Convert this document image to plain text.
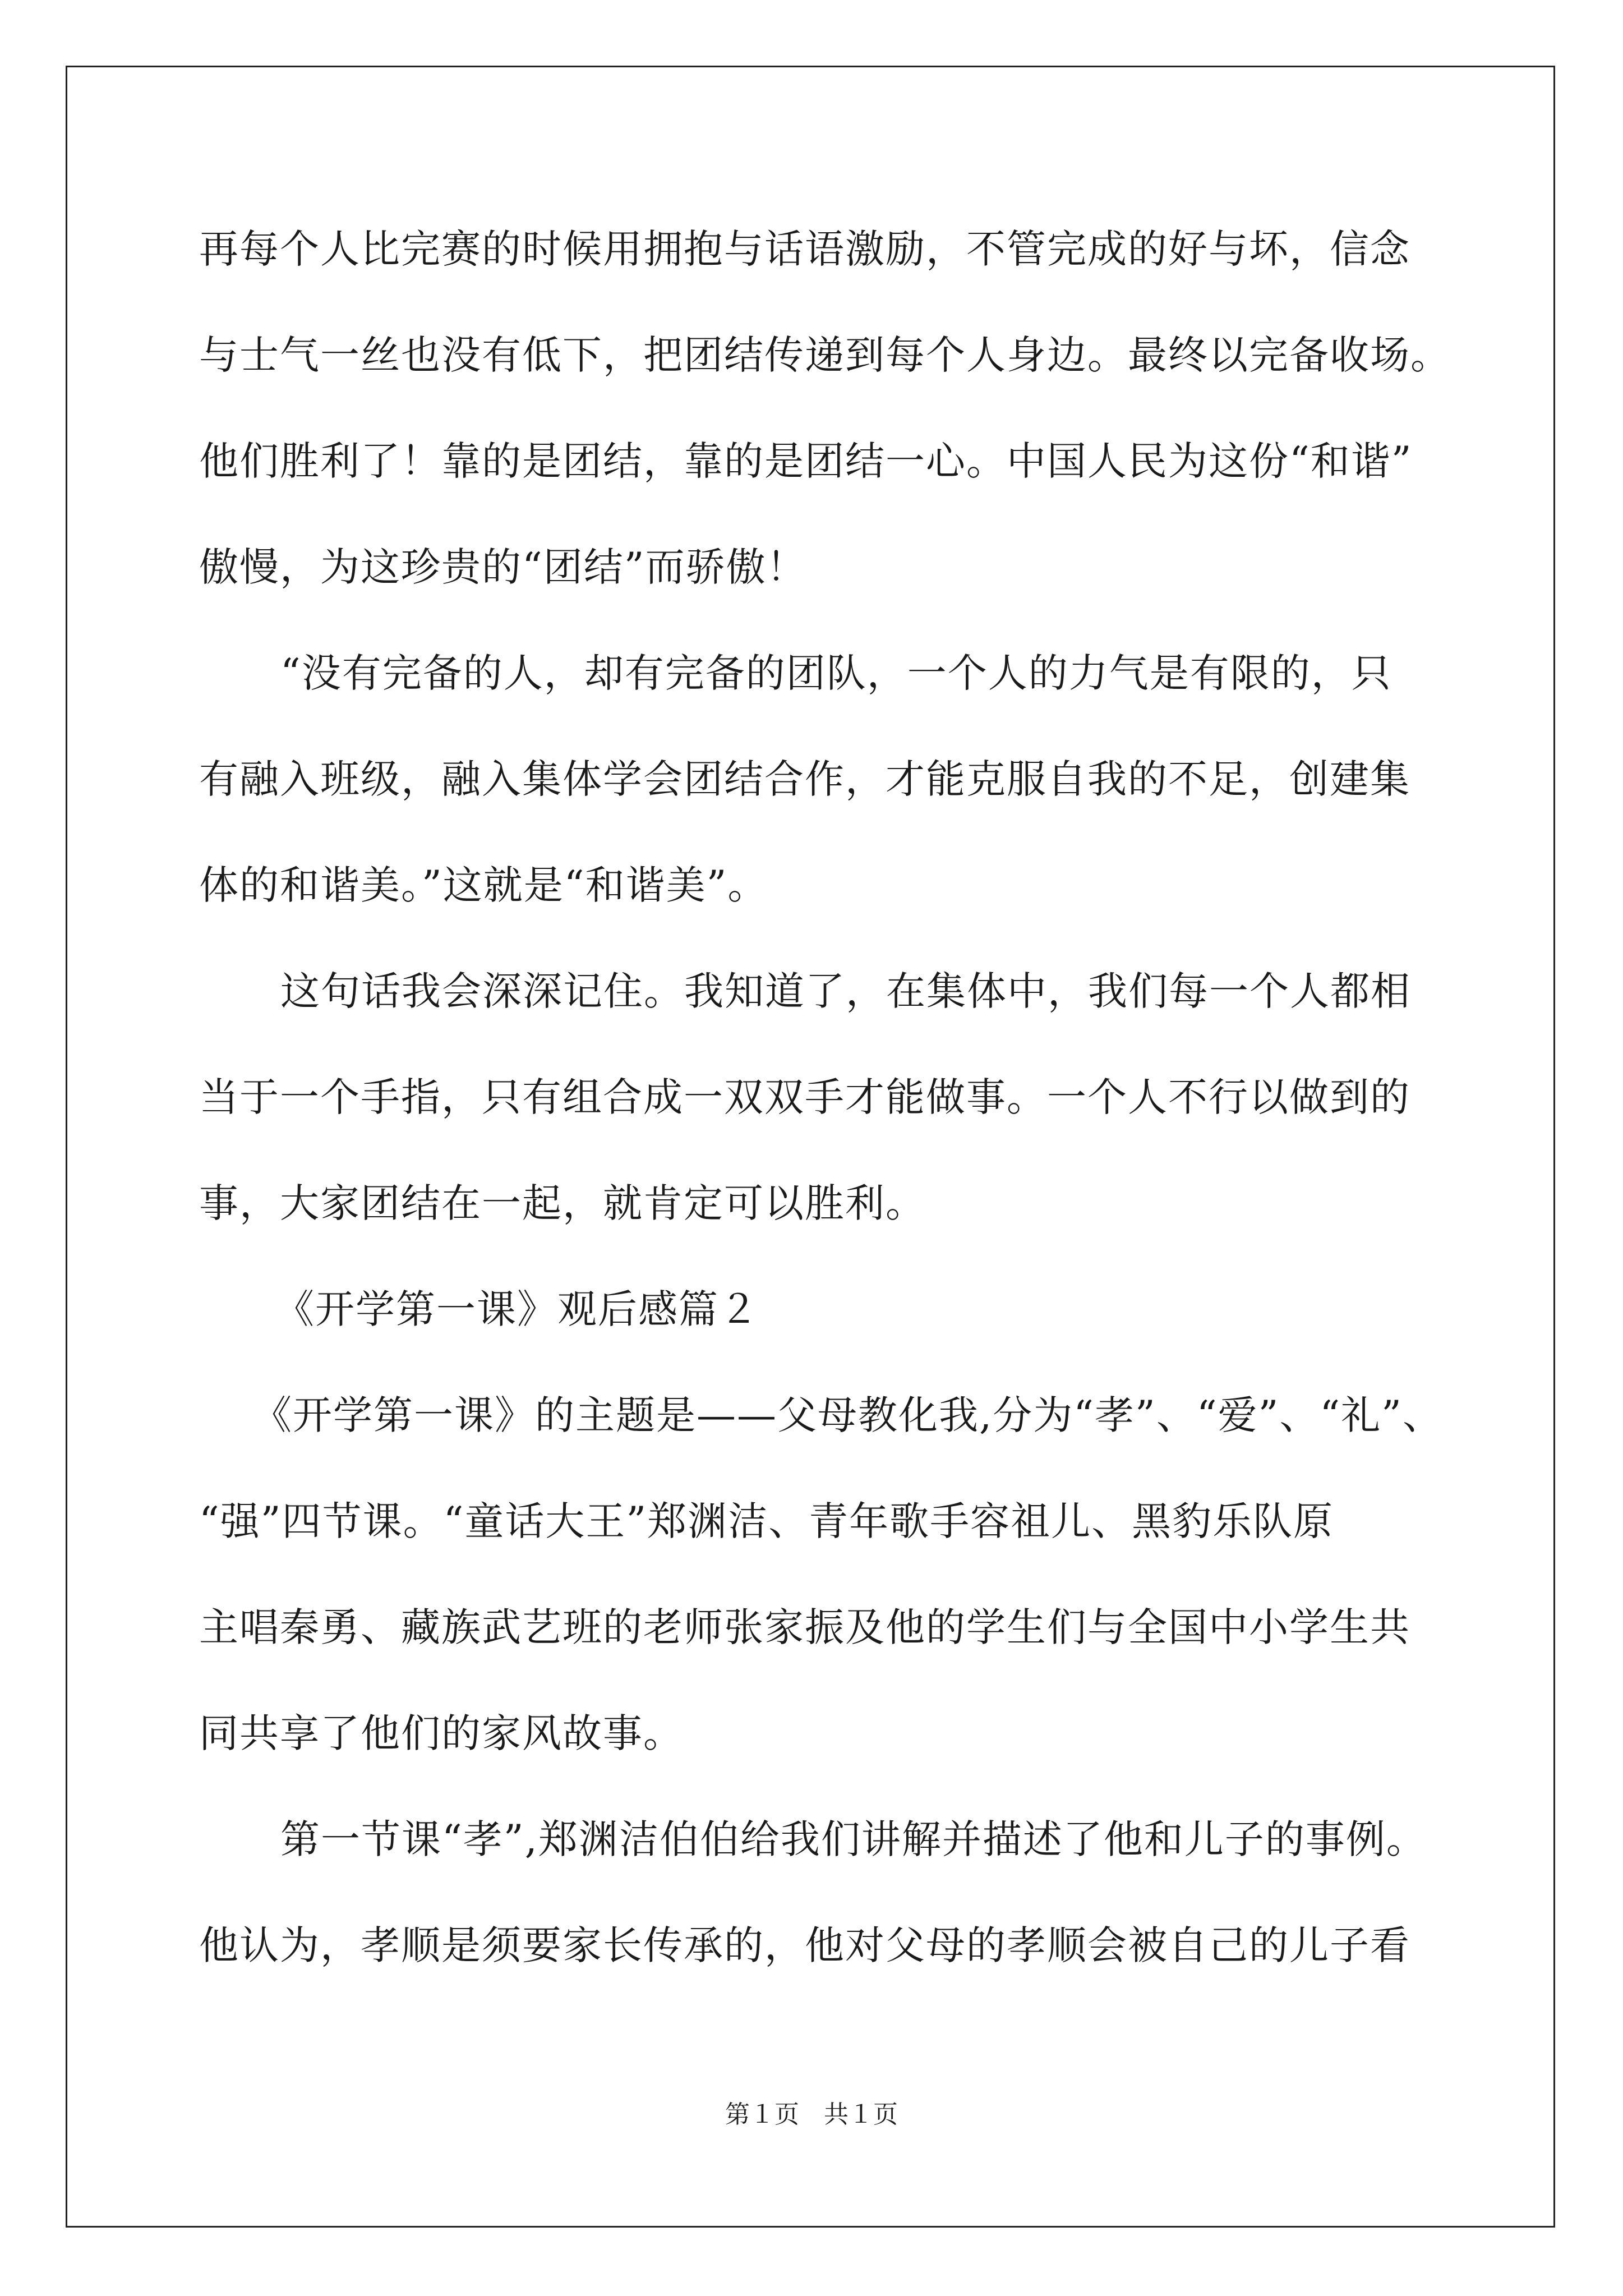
再每个人比完赛的时候用拥抱与话语激励，不管完成的好与坏，信念
与士气一丝也没有低下，把团结传递到每个人身边。最终以完备收场。
他们胜利了！靠的是团结，靠的是团结一心。中国人民为这份“和谐”
傲慢，为这珍贵的“团结”而骄傲！
“没有完备的人，却有完备的团队，一个人的力气是有限的，只
有融入班级，融入集体学会团结合作，才能克服自我的不足，创建集
体的和谐美。”这就是“和谐美”。
这句话我会深深记住。我知道了，在集体中，我们每一个人都相
当于一个手指，只有组合成一双双手才能做事。一个人不行以做到的
事，大家团结在一起，就肯定可以胜利。
《开学第一课》观后感篇２
《开学第一课》的主题是——父母教化我,分为“孝”、“爱”、“礼”、
“强”四节课。“童话大王”郑渊洁、青年歌手容祖儿、黑豹乐队原
主唱秦勇、藏族武艺班的老师张家振及他的学生们与全国中小学生共
同共享了他们的家风故事。
第一节课“孝”,郑渊洁伯伯给我们讲解并描述了他和儿子的事例。
他认为，孝顺是须要家长传承的，他对父母的孝顺会被自己的儿子看
第１页　共１页
